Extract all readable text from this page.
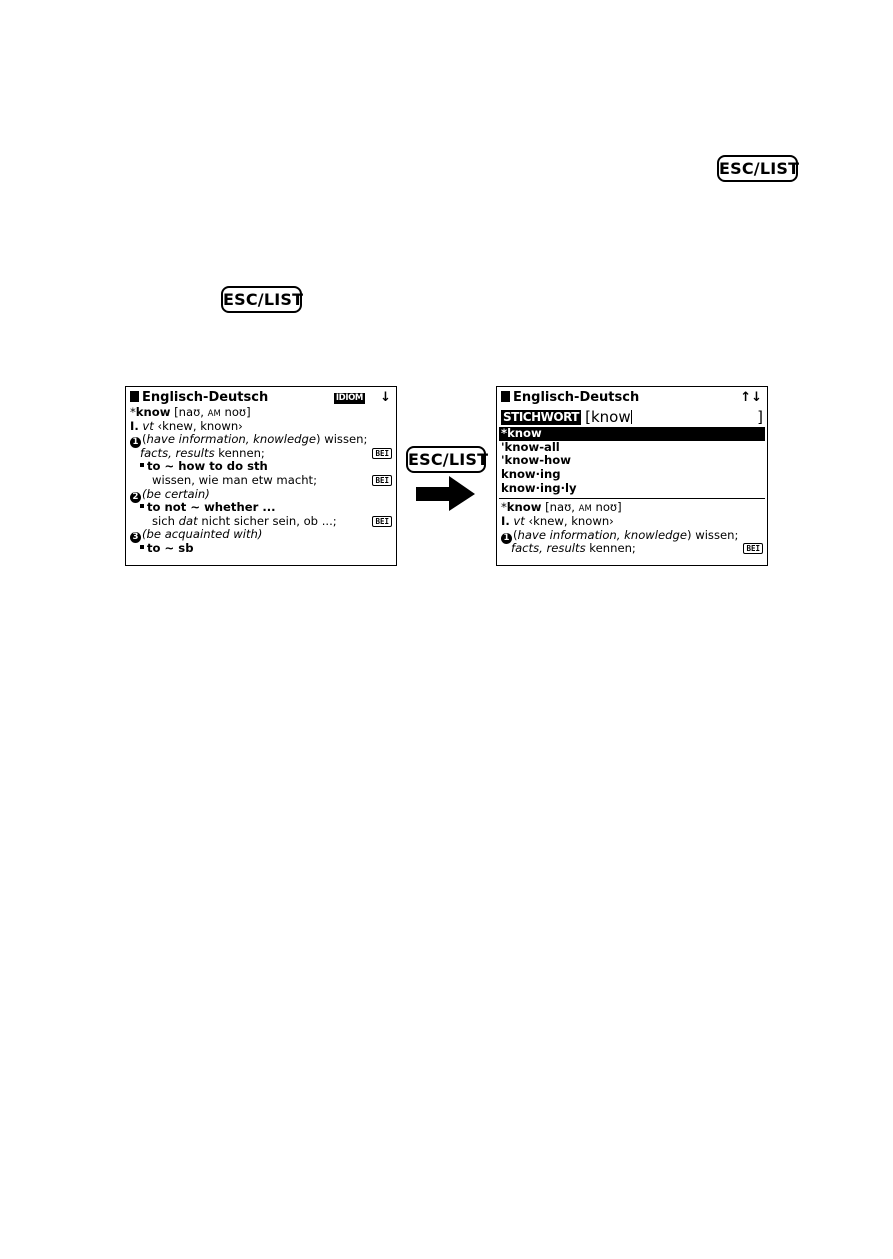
ESC/LIST
ESC/LIST
ESC/LIST
Englisch-Deutsch	IDIOM ↓
*know [naʊ, AM noʊ]
I. vt ‹knew, known›
1 (have information, knowledge) wissen;
facts, results kennen;	BEI
to ∼ how to do sth
wissen, wie man etw macht;	BEI
2 (be certain)
to not ∼ whether ...
sich dat nicht sicher sein, ob ...;	BEI
3 (be acquainted with)
to ∼ sb
Englisch-Deutsch	↑↓
STICHWORT [know	]
*know
'know-all
'know-how
know·ing
know·ing·ly
*know [naʊ, AM noʊ]
I. vt ‹knew, known›
1 (have information, knowledge) wissen;
facts, results kennen;	BEI
